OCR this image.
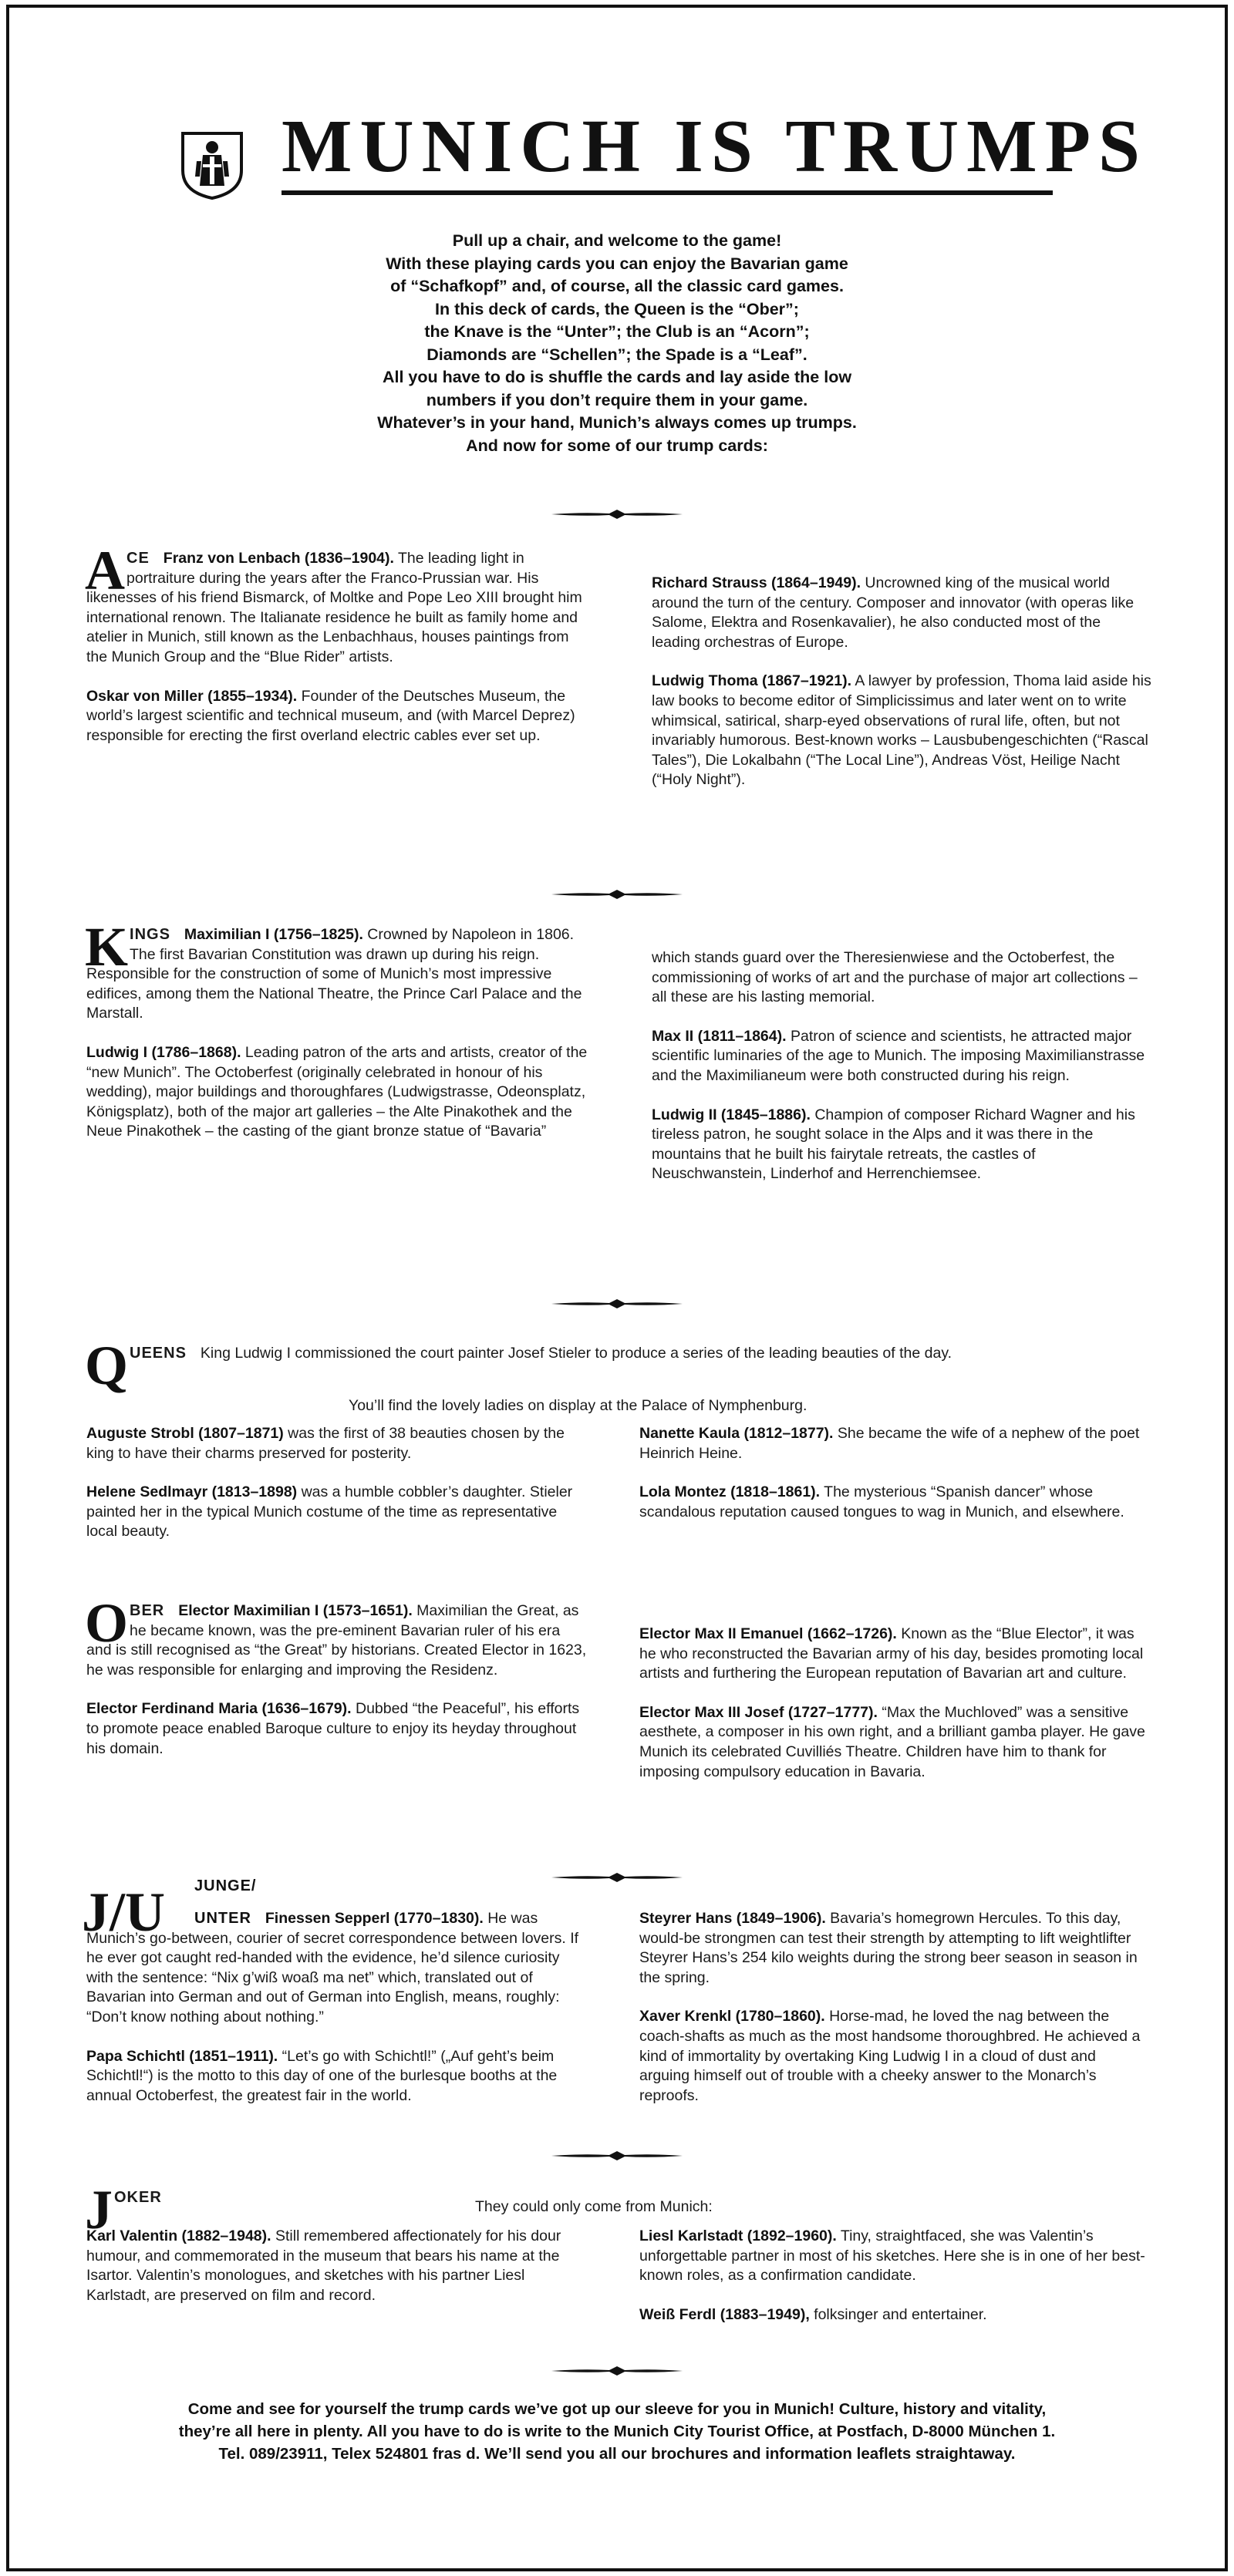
MUNICH IS TRUMPS
Pull up a chair, and welcome to the game!
With these playing cards you can enjoy the Bavarian game
of “Schafkopf” and, of course, all the classic card games.
In this deck of cards, the Queen is the “Ober”;
the Knave is the “Unter”; the Club is an “Acorn”;
Diamonds are “Schellen”; the Spade is a “Leaf”.
All you have to do is shuffle the cards and lay aside the low
numbers if you don’t require them in your game.
Whatever’s in your hand, Munich’s always comes up trumps.
And now for some of our trump cards:

ACE Franz von Lenbach (1836–1904). The leading light in portraiture during the years after the Franco-Prussian war. His likenesses of his friend Bismarck, of Moltke and Pope Leo XIII brought him international renown. The Italianate residence he built as family home and atelier in Munich, still known as the Lenbachhaus, houses paintings from the Munich Group and the “Blue Rider” artists.

Oskar von Miller (1855–1934). Founder of the Deutsches Museum, the world’s largest scientific and technical museum, and (with Marcel Deprez) responsible for erecting the first overland electric cables ever set up.

Richard Strauss (1864–1949). Uncrowned king of the musical world around the turn of the century. Composer and innovator (with operas like Salome, Elektra and Rosenkavalier), he also conducted most of the leading orchestras of Europe.

Ludwig Thoma (1867–1921). A lawyer by profession, Thoma laid aside his law books to become editor of Simplicissimus and later went on to write whimsical, satirical, sharp-eyed observations of rural life, often, but not invariably humorous. Best-known works – Lausbubengeschichten (“Rascal Tales”), Die Lokalbahn (“The Local Line”), Andreas Vöst, Heilige Nacht (“Holy Night”).

KINGS Maximilian I (1756–1825). Crowned by Napoleon in 1806. The first Bavarian Constitution was drawn up during his reign. Responsible for the construction of some of Munich’s most impressive edifices, among them the National Theatre, the Prince Carl Palace and the Marstall.

Ludwig I (1786–1868). Leading patron of the arts and artists, creator of the “new Munich”. The Octoberfest (originally celebrated in honour of his wedding), major buildings and thoroughfares (Ludwigstrasse, Odeonsplatz, Königsplatz), both of the major art galleries – the Alte Pinakothek and the Neue Pinakothek – the casting of the giant bronze statue of “Bavaria”

which stands guard over the Theresienwiese and the Octoberfest, the commissioning of works of art and the purchase of major art collections – all these are his lasting memorial.

Max II (1811–1864). Patron of science and scientists, he attracted major scientific luminaries of the age to Munich. The imposing Maximilianstrasse and the Maximilianeum were both constructed during his reign.

Ludwig II (1845–1886). Champion of composer Richard Wagner and his tireless patron, he sought solace in the Alps and it was there in the mountains that he built his fairytale retreats, the castles of Neuschwanstein, Linderhof and Herrenchiemsee.

QUEENS King Ludwig I commissioned the court painter Josef Stieler to produce a series of the leading beauties of the day.
You’ll find the lovely ladies on display at the Palace of Nymphenburg.

Auguste Strobl (1807–1871) was the first of 38 beauties chosen by the king to have their charms preserved for posterity.

Helene Sedlmayr (1813–1898) was a humble cobbler’s daughter. Stieler painted her in the typical Munich costume of the time as representative local beauty.

Nanette Kaula (1812–1877). She became the wife of a nephew of the poet Heinrich Heine.

Lola Montez (1818–1861). The mysterious “Spanish dancer” whose scandalous reputation caused tongues to wag in Munich, and elsewhere.

OBER Elector Maximilian I (1573–1651). Maximilian the Great, as he became known, was the pre-eminent Bavarian ruler of his era and is still recognised as “the Great” by historians. Created Elector in 1623, he was responsible for enlarging and improving the Residenz.

Elector Ferdinand Maria (1636–1679). Dubbed “the Peaceful”, his efforts to promote peace enabled Baroque culture to enjoy its heyday throughout his domain.

Elector Max II Emanuel (1662–1726). Known as the “Blue Elector”, it was he who reconstructed the Bavarian army of his day, besides promoting local artists and furthering the European reputation of Bavarian art and culture.

Elector Max III Josef (1727–1777). “Max the Muchloved” was a sensitive aesthete, a composer in his own right, and a brilliant gamba player. He gave Munich its celebrated Cuvilliés Theatre. Children have him to thank for imposing compulsory education in Bavaria.

J/U JUNGE/

UNTER Finessen Sepperl (1770–1830). He was Munich’s go-between, courier of secret correspondence between lovers. If he ever got caught red-handed with the evidence, he’d silence curiosity with the sentence: “Nix g’wiß woaß ma net” which, translated out of Bavarian into German and out of German into English, means, roughly: “Don’t know nothing about nothing.”

Papa Schichtl (1851–1911). “Let’s go with Schichtl!” („Auf geht’s beim Schichtl!“) is the motto to this day of one of the burlesque booths at the annual Octoberfest, the greatest fair in the world.

Steyrer Hans (1849–1906). Bavaria’s homegrown Hercules. To this day, would-be strongmen can test their strength by attempting to lift weightlifter Steyrer Hans’s 254 kilo weights during the strong beer season in season in the spring.

Xaver Krenkl (1780–1860). Horse-mad, he loved the nag between the coach-shafts as much as the most handsome thoroughbred. He achieved a kind of immortality by overtaking King Ludwig I in a cloud of dust and arguing himself out of trouble with a cheeky answer to the Monarch’s reproofs.

JOKER
They could only come from Munich:

Karl Valentin (1882–1948). Still remembered affectionately for his dour humour, and commemorated in the museum that bears his name at the Isartor. Valentin’s monologues, and sketches with his partner Liesl Karlstadt, are preserved on film and record.

Liesl Karlstadt (1892–1960). Tiny, straightfaced, she was Valentin’s unforgettable partner in most of his sketches. Here she is in one of her best-known roles, as a confirmation candidate.

Weiß Ferdl (1883–1949), folksinger and entertainer.

Come and see for yourself the trump cards we’ve got up our sleeve for you in Munich! Culture, history and vitality,
they’re all here in plenty. All you have to do is write to the Munich City Tourist Office, at Postfach, D-8000 München 1.
Tel. 089/23911, Telex 524801 fras d. We’ll send you all our brochures and information leaflets straightaway.
